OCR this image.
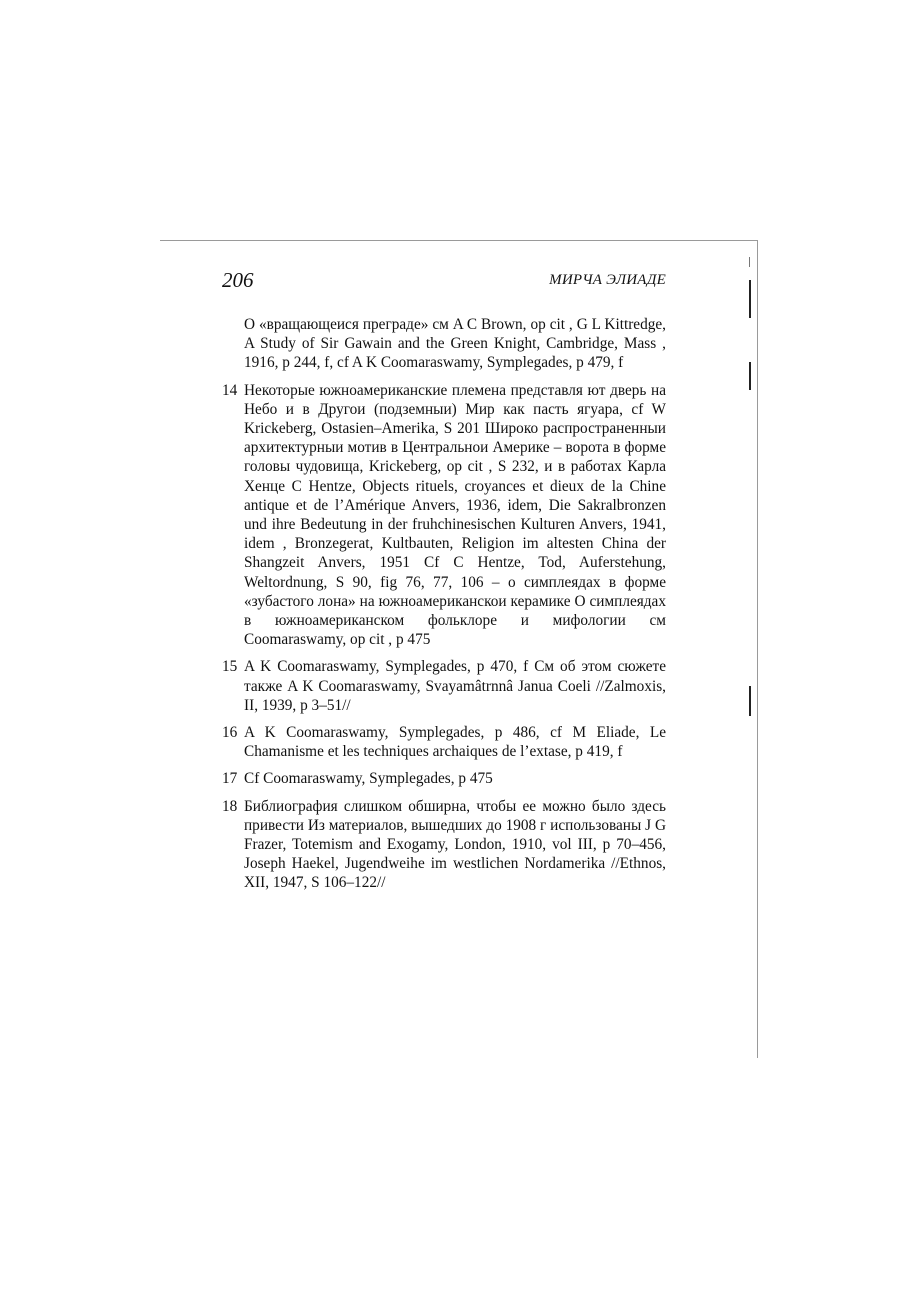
206	МИРЧА ЭЛИАДЕ
О «вращающеися преграде» см A C Brown, op cit , G L Kittredge, A Study of Sir Gawain and the Green Knight, Cambridge, Mass , 1916, p 244, f, cf A K Coomaraswamy, Symplegades, p 479, f
14 Некоторые южноамериканские племена представля ют дверь на Небо и в Другои (подземныи) Мир как пасть ягуара, cf W Krickeberg, Ostasien–Amerika, S 201 Широко распространенныи архитектурныи мотив в Центральнои Америке – ворота в форме головы чудовища, Krickeberg, op cit , S 232, и в работах Карла Хенце C Hentze, Objects rituels, croyances et dieux de la Chine antique et de l’Amérique Anvers, 1936, idem, Die Sakralbronzen und ihre Bedeutung in der fruhchinesischen Kulturen Anvers, 1941, idem , Bronzegerat, Kultbauten, Religion im altesten China der Shangzeit Anvers, 1951 Cf C Hentze, Tod, Auferstehung, Weltordnung, S 90, fig 76, 77, 106 – о симплеядах в форме «зубастого лона» на южноамериканскои керамике О симплеядах в южноамериканском фольклоре и мифологии см Coomaraswamy, op cit , p 475
15 A K Coomaraswamy, Symplegades, p 470, f См об этом сюжете также A K Coomaraswamy, Svayamâtrnnâ Janua Coeli //Zalmoxis, II, 1939, p 3–51//
16 A K Coomaraswamy, Symplegades, p 486, cf M Eliade, Le Chamanisme et les techniques archaiques de l’extase, p 419, f
17 Cf Coomaraswamy, Symplegades, p 475
18 Библиография слишком обширна, чтобы ее можно было здесь привести Из материалов, вышедших до 1908 г использованы J G Frazer, Totemism and Exogamy, London, 1910, vol III, p 70–456, Joseph Haekel, Jugendweihe im westlichen Nordamerika //Ethnos, XII, 1947, S 106–122//
